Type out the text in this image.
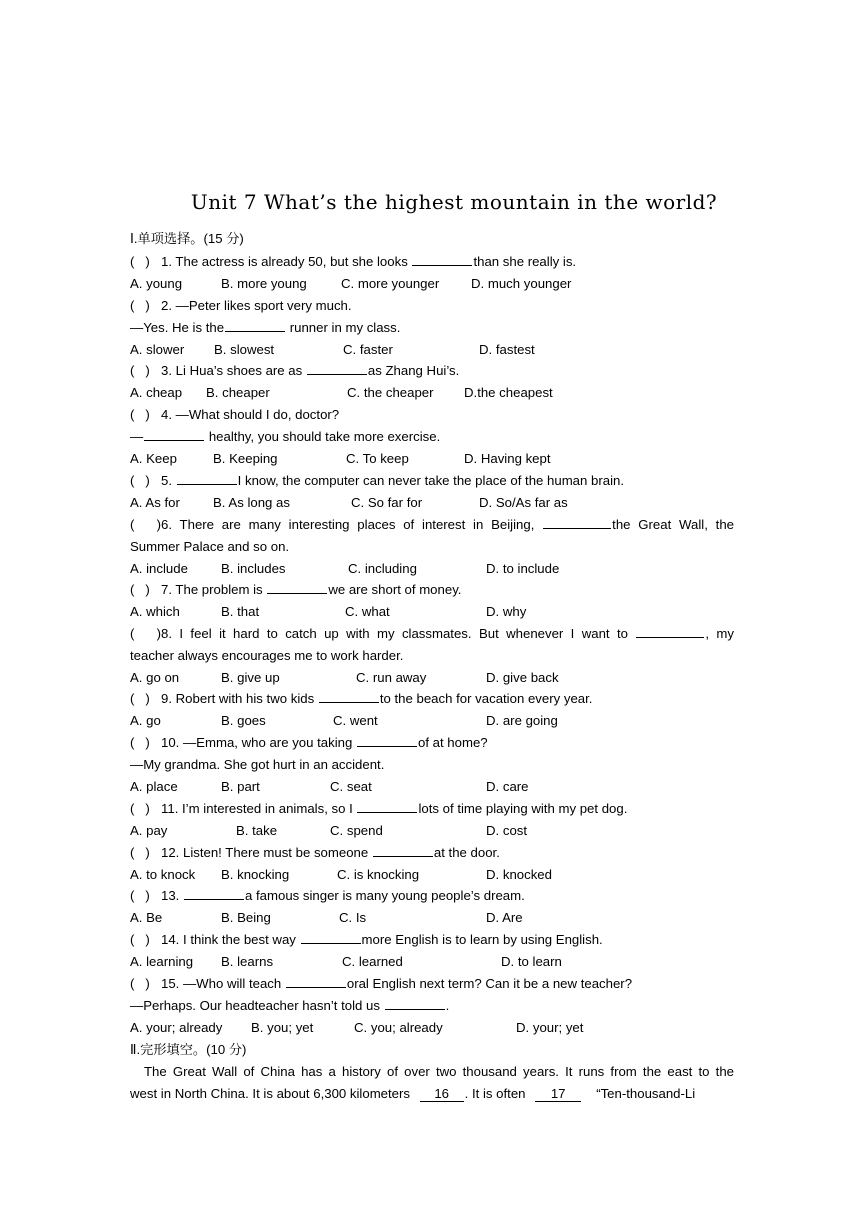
Unit 7 What’s the highest mountain in the world?
Ⅰ.单项选择。(15 分)
(   ) 1. The actress is already 50, but she looks	than she really is.
A. young	B. more young	C. more younger D. much younger
(   ) 2. —Peter likes sport very much.
—Yes. He is the	runner in my class.
A. slower B. slowest	C. faster	D. fastest
(   ) 3. Li Hua’s shoes are as	as Zhang Hui’s.
A. cheap B. cheaper	C. the cheaper D.the cheapest
(   ) 4. —What should I do, doctor?
—	healthy, you should take more exercise.
A. Keep	B. Keeping	C. To keep	D. Having kept
(   ) 5.	I know, the computer can never take the place of the human brain.
A. As for	B. As long as	C. So far for	D. So/As far as
(   )6. There are many interesting places of interest in Beijing,	the Great Wall, the
Summer Palace and so on.
A. include	B. includes	C. including	D. to include
(   ) 7. The problem is	we are short of money.
A. which	B. that	C. what	D. why
(   )8. I feel it hard to catch up with my classmates. But whenever I want to	, my
teacher always encourages me to work harder.
A. go on	B. give up	C. run away	D. give back
(   ) 9. Robert with his two kids	to the beach for vacation every year.
A. go	B. goes	C. went	D. are going
(   ) 10. —Emma, who are you taking	of at home?
—My grandma. She got hurt in an accident.
A. place	B. part	C. seat	D. care
(   ) 11. I’m interested in animals, so I	lots of time playing with my pet dog.
A. pay	B. take	C. spend	D. cost
(   ) 12. Listen! There must be someone	at the door.
A. to knock B. knocking	C. is knocking	D. knocked
(   ) 13.	a famous singer is many young people’s dream.
A. Be	B. Being	C. Is	D. Are
(   ) 14. I think the best way	more English is to learn by using English.
A. learning B. learns	C. learned	D. to learn
(   ) 15. —Who will teach	oral English next term? Can it be a new teacher?
—Perhaps. Our headteacher hasn’t told us	.
A. your; already B. you; yet	C. you; already	D. your; yet
Ⅱ.完形填空。(10 分)
The Great Wall of China has a history of over two thousand years. It runs from the east to the
west in North China. It is about 6,300 kilometers 16 . It is often 17 “Ten-thousand-Li
